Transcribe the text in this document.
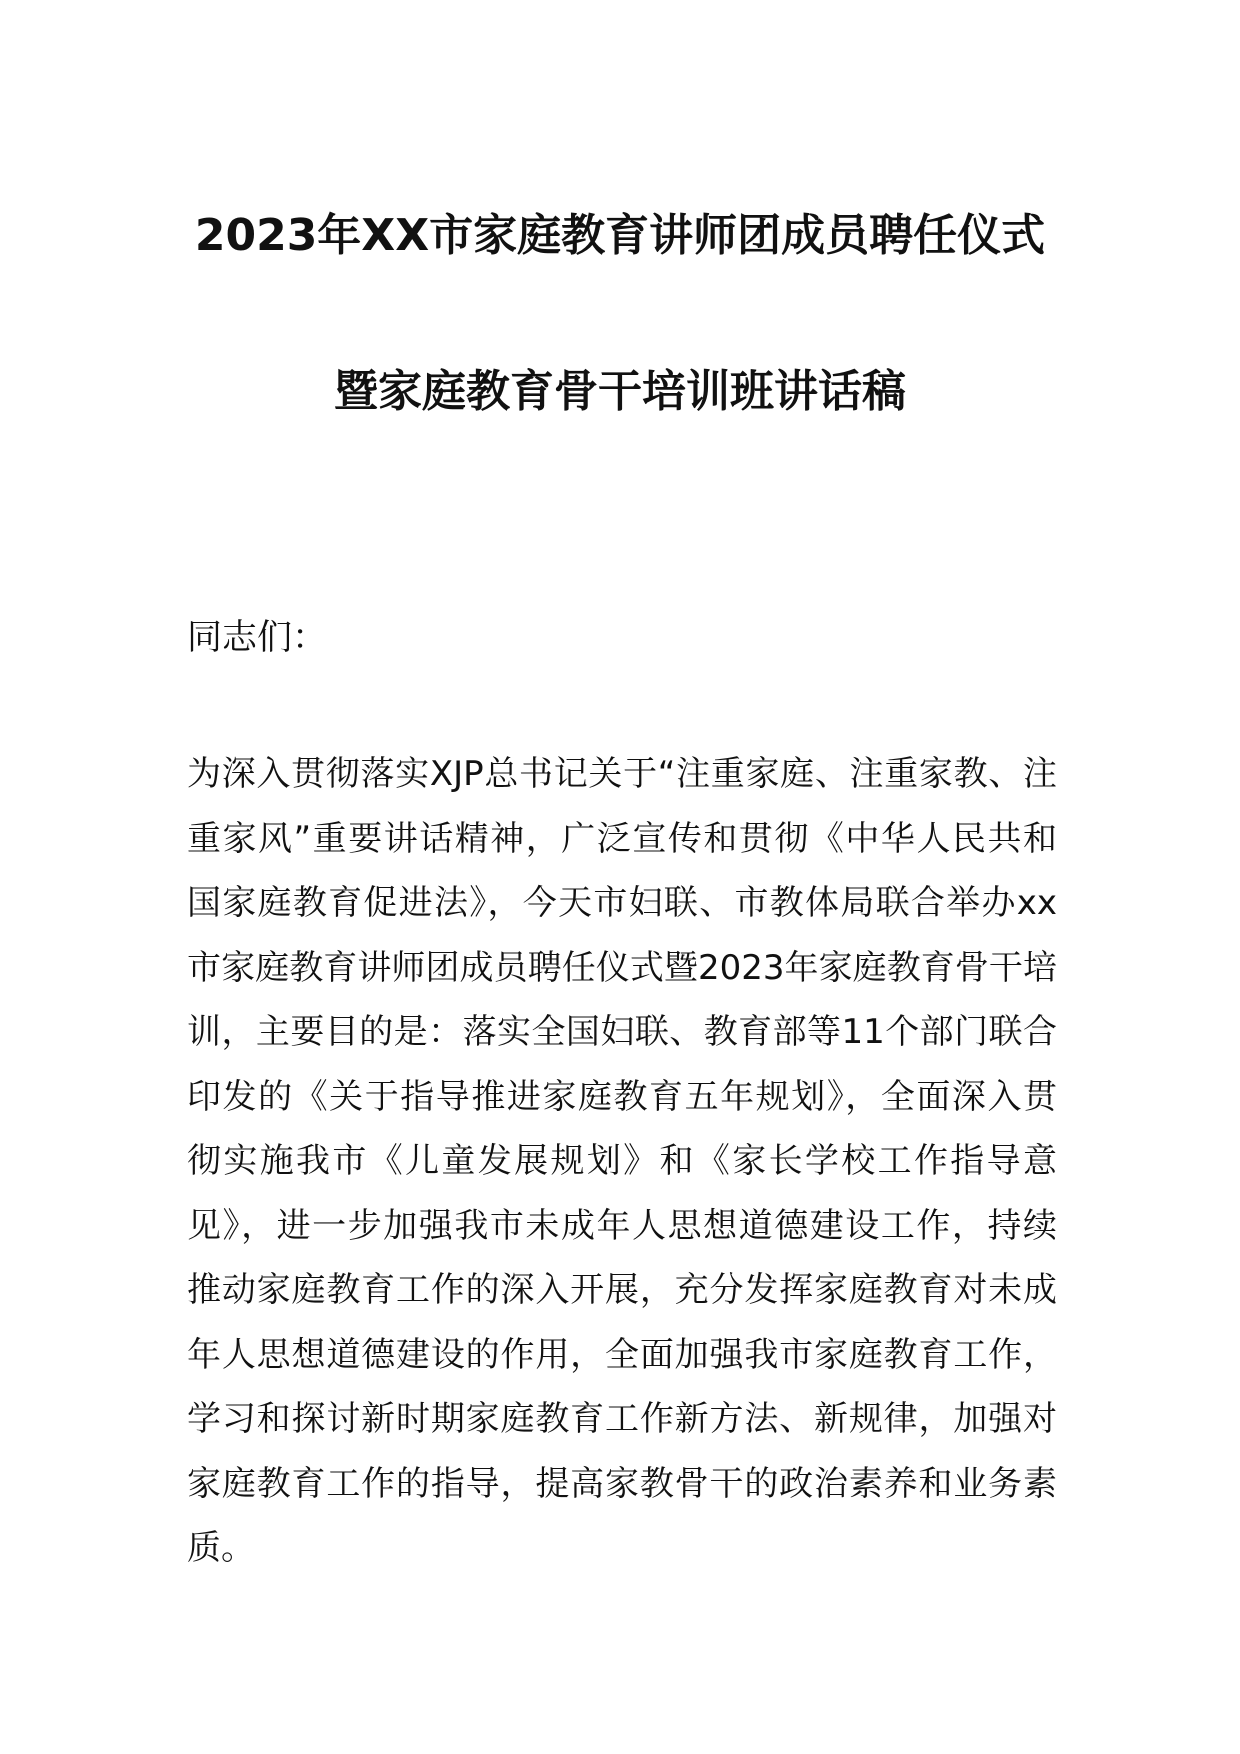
2023年XX市家庭教育讲师团成员聘任仪式
暨家庭教育骨干培训班讲话稿
同志们：
为深入贯彻落实XJP总书记关于“注重家庭、注重家教、注
重家风”重要讲话精神，广泛宣传和贯彻《中华人民共和
国家庭教育促进法》，今天市妇联、市教体局联合举办xx
市家庭教育讲师团成员聘任仪式暨2023年家庭教育骨干培
训，主要目的是：落实全国妇联、教育部等11个部门联合
印发的《关于指导推进家庭教育五年规划》，全面深入贯
彻实施我市《儿童发展规划》和《家长学校工作指导意
见》，进一步加强我市未成年人思想道德建设工作，持续
推动家庭教育工作的深入开展，充分发挥家庭教育对未成
年人思想道德建设的作用，全面加强我市家庭教育工作，
学习和探讨新时期家庭教育工作新方法、新规律，加强对
家庭教育工作的指导，提高家教骨干的政治素养和业务素
质。
